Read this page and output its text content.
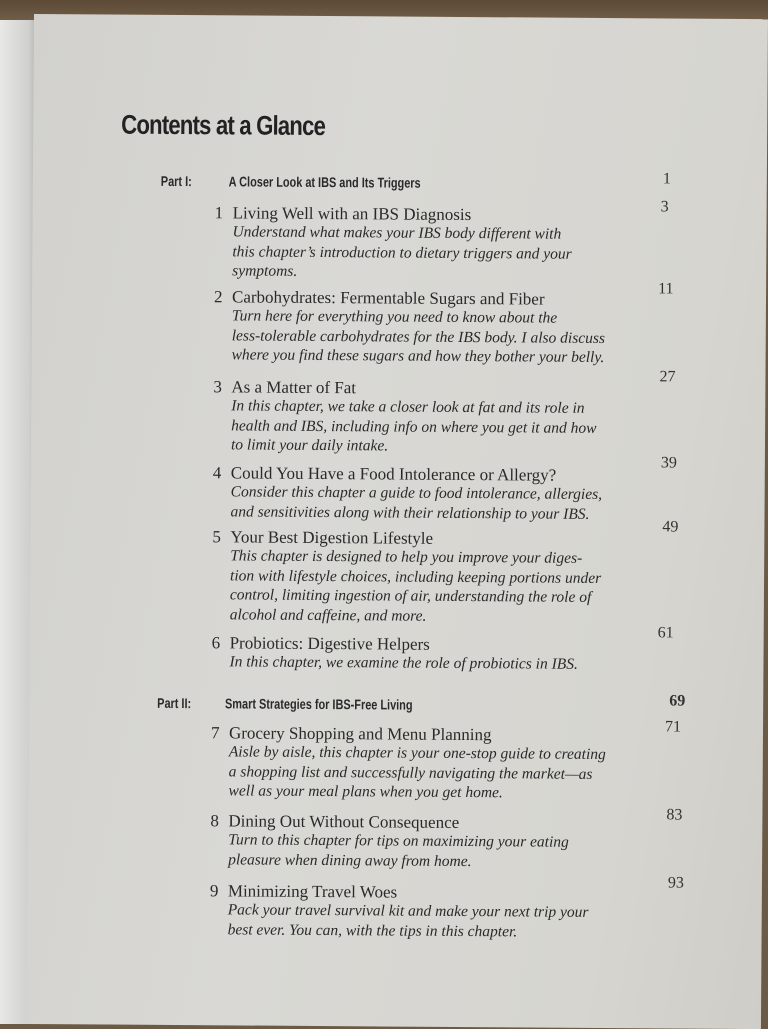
Contents at a Glance
Part I:	A Closer Look at IBS and Its Triggers	1
Part II: Smart Strategies for IBS-Free Living	69
1 Living Well with an IBS Diagnosis
Understand what makes your IBS body different with
this chapter’s introduction to dietary triggers and your
symptoms.
3
2 Carbohydrates: Fermentable Sugars and Fiber
Turn here for everything you need to know about the
less-tolerable carbohydrates for the IBS body. I also discuss
where you find these sugars and how they bother your belly.
11
3 As a Matter of Fat
In this chapter, we take a closer look at fat and its role in
health and IBS, including info on where you get it and how
to limit your daily intake.
27
4 Could You Have a Food Intolerance or Allergy?
Consider this chapter a guide to food intolerance, allergies,
and sensitivities along with their relationship to your IBS.
39
5 Your Best Digestion Lifestyle
This chapter is designed to help you improve your diges-
tion with lifestyle choices, including keeping portions under
control, limiting ingestion of air, understanding the role of
alcohol and caffeine, and more.
49
6 Probiotics: Digestive Helpers
In this chapter, we examine the role of probiotics in IBS.
61
7 Grocery Shopping and Menu Planning
Aisle by aisle, this chapter is your one-stop guide to creating
a shopping list and successfully navigating the market—as
well as your meal plans when you get home.
71
8 Dining Out Without Consequence
Turn to this chapter for tips on maximizing your eating
pleasure when dining away from home.
83
9 Minimizing Travel Woes
Pack your travel survival kit and make your next trip your
best ever. You can, with the tips in this chapter.
93
